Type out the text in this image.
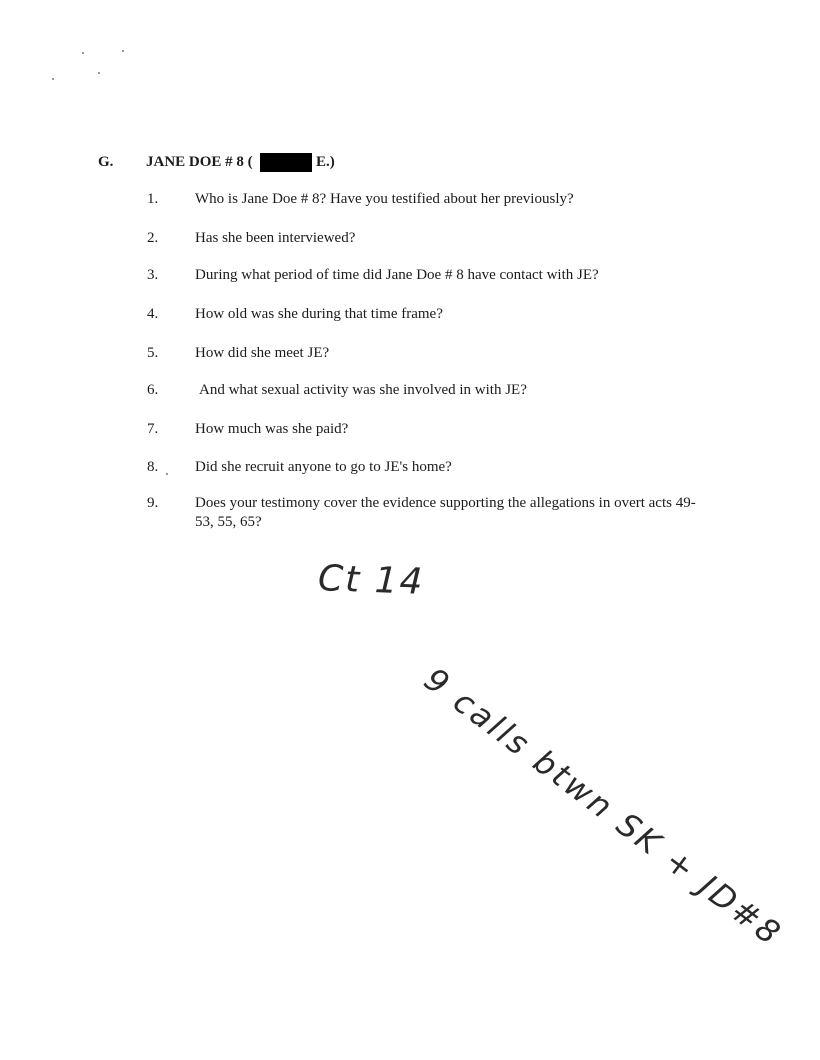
G. JANE DOE # 8 (	E.)
1.	Who is Jane Doe # 8? Have you testified about her previously?
2.	Has she been interviewed?
3.	During what period of time did Jane Doe # 8 have contact with JE?
4.	How old was she during that time frame?
5.	How did she meet JE?
6.	And what sexual activity was she involved in with JE?
7.	How much was she paid?
8.	Did she recruit anyone to go to JE's home?
9.	Does your testimony cover the evidence supporting the allegations in overt acts 49-53, 55, 65?
Ct 14
9 calls btwn SK + JD#8
